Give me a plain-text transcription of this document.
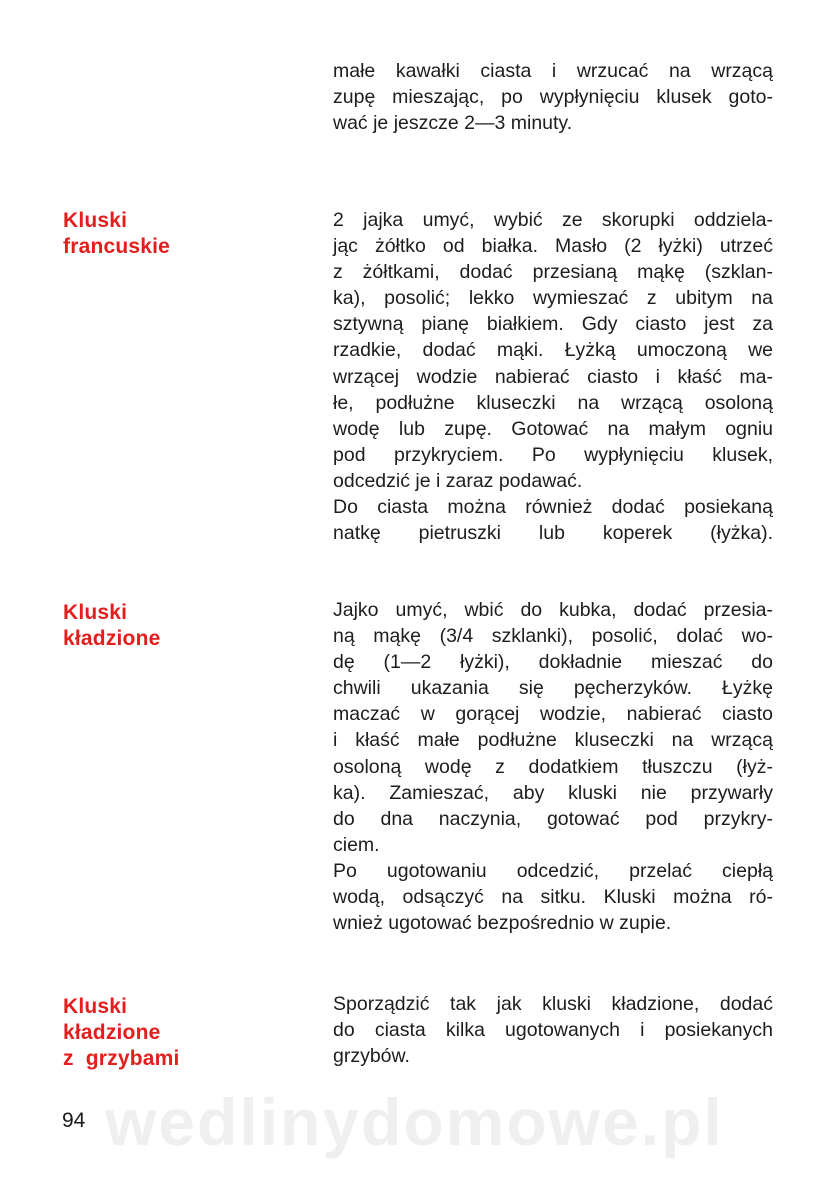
małe kawałki ciasta i wrzucać na wrzącą
zupę mieszając, po wypłynięciu klusek goto-
wać je jeszcze 2—3 minuty.
Kluski
francuskie
2 jajka umyć, wybić ze skorupki oddziela-
jąc żółtko od białka. Masło (2 łyżki) utrzeć
z żółtkami, dodać przesianą mąkę (szklan-
ka), posolić; lekko wymieszać z ubitym na
sztywną pianę białkiem. Gdy ciasto jest za
rzadkie, dodać mąki. Łyżką umoczoną we
wrzącej wodzie nabierać ciasto i kłaść ma-
łe, podłużne kluseczki na wrzącą osoloną
wodę lub zupę. Gotować na małym ogniu
pod przykryciem. Po wypłynięciu klusek,
odcedzić je i zaraz podawać.
Do ciasta można również dodać posiekaną
natkę pietruszki lub koperek (łyżka).
Kluski
kładzione
Jajko umyć, wbić do kubka, dodać przesia-
ną mąkę (3/4 szklanki), posolić, dolać wo-
dę (1—2 łyżki), dokładnie mieszać do
chwili ukazania się pęcherzyków. Łyżkę
maczać w gorącej wodzie, nabierać ciasto
i kłaść małe podłużne kluseczki na wrzącą
osoloną wodę z dodatkiem tłuszczu (łyż-
ka). Zamieszać, aby kluski nie przywarły
do dna naczynia, gotować pod przykry-
ciem.
Po ugotowaniu odcedzić, przelać ciepłą
wodą, odsączyć na sitku. Kluski można ró-
wnież ugotować bezpośrednio w zupie.
Kluski
kładzione
z grzybami
Sporządzić tak jak kluski kładzione, dodać
do ciasta kilka ugotowanych i posiekanych
grzybów.
wedlinydomowe.pl
94
